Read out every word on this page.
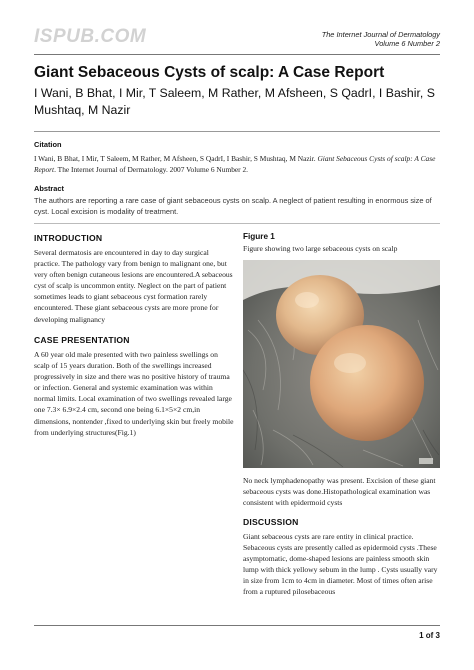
ISPUB.COM	The Internet Journal of Dermatology
Volume 6 Number 2
Giant Sebaceous Cysts of scalp: A Case Report
I Wani, B Bhat, I Mir, T Saleem, M Rather, M Afsheen, S QadrI, I Bashir, S Mushtaq, M Nazir
Citation
I Wani, B Bhat, I Mir, T Saleem, M Rather, M Afsheen, S QadrI, I Bashir, S Mushtaq, M Nazir. Giant Sebaceous Cysts of scalp: A Case Report. The Internet Journal of Dermatology. 2007 Volume 6 Number 2.
Abstract
The authors are reporting a rare case of giant sebaceous cysts on scalp. A neglect of patient resulting in enormous size of cyst. Local excision is modality of treatment.
INTRODUCTION
Several dermatosis are encountered in day to day surgical practice. The pathology vary from benign to malignant one, but very often benign cutaneous lesions are encountered.A sebaceous cyst of scalp is uncommon entity. Neglect on the part of patient sometimes leads to giant sebaceous cyst formation rarely encountered. These giant sebaceous cysts are more prone for developing malignancy
CASE PRESENTATION
A 60 year old male presented with two painless swellings on scalp of 15 years duration. Both of the swellings increased progressively in size and there was no positive history of trauma or infection. General and systemic examination was within normal limits. Local examination of two swellings revealed large one 7.3× 6.9×2.4 cm, second one being 6.1×5×2 cm,in dimensions, nontender ,fixed to underlying skin but freely mobile from underlying structures(Fig.1)
Figure 1
Figure showing two large sebaceous cysts on scalp
No neck lymphadenopathy was present. Excision of these giant sebaceous cysts was done.Histopathological examination was consistent with epidermoid cysts
DISCUSSION
Giant sebaceous cysts are rare entity in clinical practice. Sebaceous cysts are presently called as epidermoid cysts .These asymptomatic, dome-shaped lesions are painless smooth skin lump with thick yellowy sebum in the lump . Cysts usually vary in size from 1cm to 4cm in diameter. Most of times often arise from a ruptured pilosebaceous
1 of 3
